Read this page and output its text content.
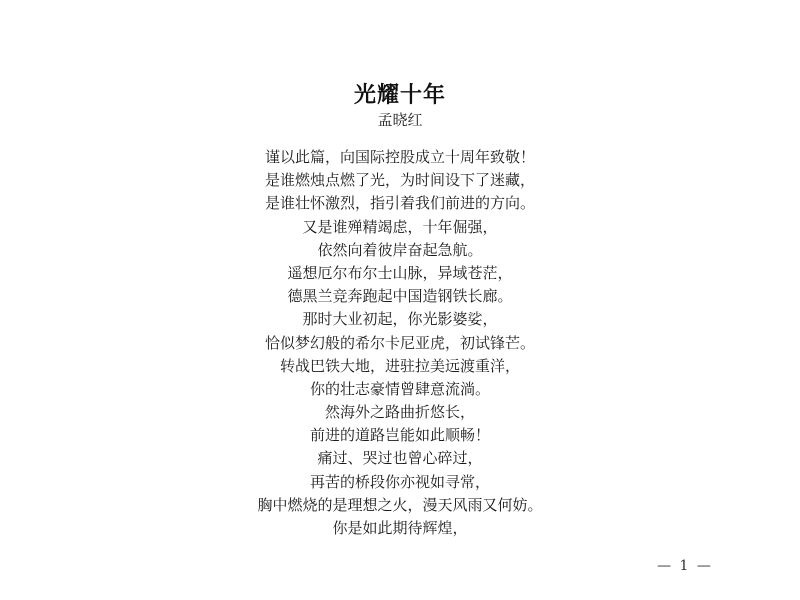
光耀十年
孟晓红
谨以此篇，向国际控股成立十周年致敬！
是谁燃烛点燃了光，为时间设下了迷藏，
是谁壮怀激烈，指引着我们前进的方向。
又是谁殚精竭虑，十年倔强，
依然向着彼岸奋起急航。
遥想厄尔布尔士山脉，异域苍茫，
德黑兰竞奔跑起中国造钢铁长廊。
那时大业初起，你光影婆娑，
恰似梦幻般的希尔卡尼亚虎，初试锋芒。
转战巴铁大地，进驻拉美远渡重洋，
你的壮志豪情曾肆意流淌。
然海外之路曲折悠长，
前进的道路岂能如此顺畅！
痛过、哭过也曾心碎过，
再苦的桥段你亦视如寻常，
胸中燃烧的是理想之火，漫天风雨又何妨。
你是如此期待辉煌，
— 1 —
